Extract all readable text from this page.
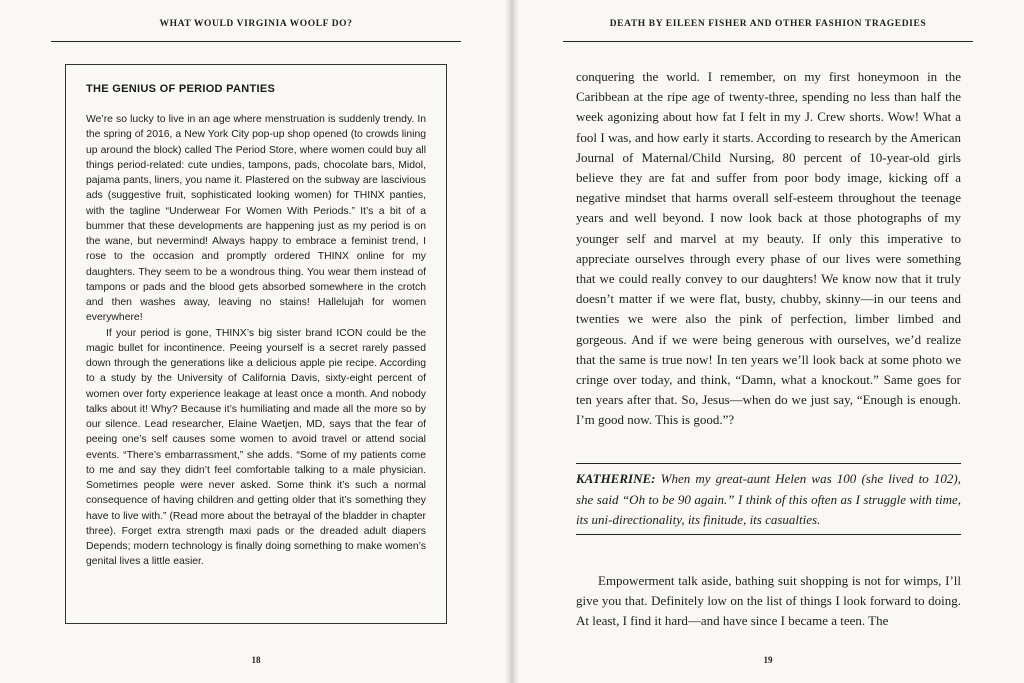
WHAT WOULD VIRGINIA WOOLF DO?

THE GENIUS OF PERIOD PANTIES

We’re so lucky to live in an age where menstruation is suddenly trendy. In the spring of 2016, a New York City pop-up shop opened (to crowds lining up around the block) called The Period Store, where women could buy all things period-related: cute undies, tampons, pads, chocolate bars, Midol, pajama pants, liners, you name it. Plastered on the subway are lascivious ads (suggestive fruit, sophisticated looking women) for THINX panties, with the tagline “Underwear For Women With Periods.” It’s a bit of a bummer that these developments are happening just as my period is on the wane, but nevermind! Always happy to embrace a feminist trend, I rose to the occasion and promptly ordered THINX online for my daughters. They seem to be a wondrous thing. You wear them instead of tampons or pads and the blood gets absorbed somewhere in the crotch and then washes away, leaving no stains! Hallelujah for women everywhere!

If your period is gone, THINX’s big sister brand ICON could be the magic bullet for incontinence. Peeing yourself is a secret rarely passed down through the generations like a delicious apple pie recipe. According to a study by the University of California Davis, sixty-eight percent of women over forty experience leakage at least once a month. And nobody talks about it! Why? Because it’s humiliating and made all the more so by our silence. Lead researcher, Elaine Waetjen, MD, says that the fear of peeing one’s self causes some women to avoid travel or attend social events. “There’s embarrassment,” she adds. “Some of my patients come to me and say they didn’t feel comfortable talking to a male physician. Sometimes people were never asked. Some think it’s such a normal consequence of having children and getting older that it’s something they have to live with.” (Read more about the betrayal of the bladder in chapter three). Forget extra strength maxi pads or the dreaded adult diapers Depends; modern technology is finally doing something to make women’s genital lives a little easier.

18
DEATH BY EILEEN FISHER AND OTHER FASHION TRAGEDIES

conquering the world. I remember, on my first honeymoon in the Caribbean at the ripe age of twenty-three, spending no less than half the week agonizing about how fat I felt in my J. Crew shorts. Wow! What a fool I was, and how early it starts. According to research by the American Journal of Maternal/Child Nursing, 80 percent of 10-year-old girls believe they are fat and suffer from poor body image, kicking off a negative mindset that harms overall self-esteem throughout the teenage years and well beyond. I now look back at those photographs of my younger self and marvel at my beauty. If only this imperative to appreciate ourselves through every phase of our lives were something that we could really convey to our daughters! We know now that it truly doesn’t matter if we were flat, busty, chubby, skinny—in our teens and twenties we were also the pink of perfection, limber limbed and gorgeous. And if we were being generous with ourselves, we’d realize that the same is true now! In ten years we’ll look back at some photo we cringe over today, and think, “Damn, what a knockout.” Same goes for ten years after that. So, Jesus—when do we just say, “Enough is enough. I’m good now. This is good.”?

KATHERINE: When my great-aunt Helen was 100 (she lived to 102), she said “Oh to be 90 again.” I think of this often as I struggle with time, its uni-directionality, its finitude, its casualties.

Empowerment talk aside, bathing suit shopping is not for wimps, I’ll give you that. Definitely low on the list of things I look forward to doing. At least, I find it hard—and have since I became a teen. The

19
